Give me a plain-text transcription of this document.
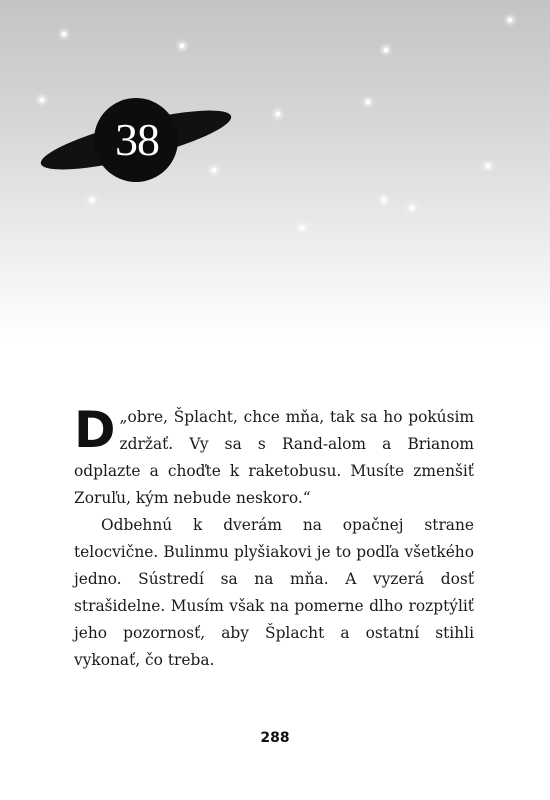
38

„
D obre, Šplacht, chce mňa, tak sa ho pokúsim zdržať. Vy sa s Rand-alom a Brianom odplazte a choďte k raketobusu. Musíte zmenšiť Zoruľu, kým nebude neskoro.“

Odbehnú k dverám na opačnej strane telocvične. Bulinmu plyšiakovi je to podľa všetkého jedno. Sústredí sa na mňa. A vyzerá dosť strašidelne. Musím však na pomerne dlho rozptýliť jeho pozornosť, aby Šplacht a ostatní stihli vykonať, čo treba.

288
